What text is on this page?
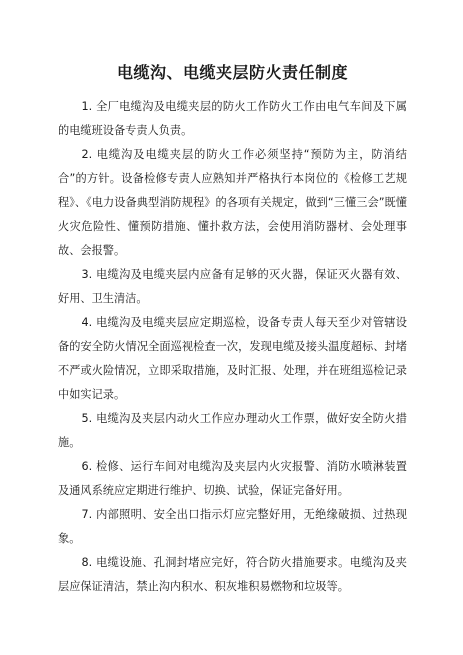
电缆沟、电缆夹层防火责任制度

1. 全厂电缆沟及电缆夹层的防火工作防火工作由电气车间及下属的电缆班设备专责人负责。

2. 电缆沟及电缆夹层的防火工作必须坚持“预防为主，防消结合”的方针。设备检修专责人应熟知并严格执行本岗位的《检修工艺规程》、《电力设备典型消防规程》的各项有关规定，做到“三懂三会”既懂火灾危险性、懂预防措施、懂扑救方法，会使用消防器材、会处理事故、会报警。

3. 电缆沟及电缆夹层内应备有足够的灭火器，保证灭火器有效、好用、卫生清洁。

4. 电缆沟及电缆夹层应定期巡检，设备专责人每天至少对管辖设备的安全防火情况全面巡视检查一次，发现电缆及接头温度超标、封堵不严或火险情况，立即采取措施，及时汇报、处理，并在班组巡检记录中如实记录。

5. 电缆沟及夹层内动火工作应办理动火工作票，做好安全防火措施。

6. 检修、运行车间对电缆沟及夹层内火灾报警、消防水喷淋装置及通风系统应定期进行维护、切换、试验，保证完备好用。

7. 内部照明、安全出口指示灯应完整好用，无绝缘破损、过热现象。

8. 电缆设施、孔洞封堵应完好，符合防火措施要求。电缆沟及夹层应保证清洁，禁止沟内积水、积灰堆积易燃物和垃圾等。
